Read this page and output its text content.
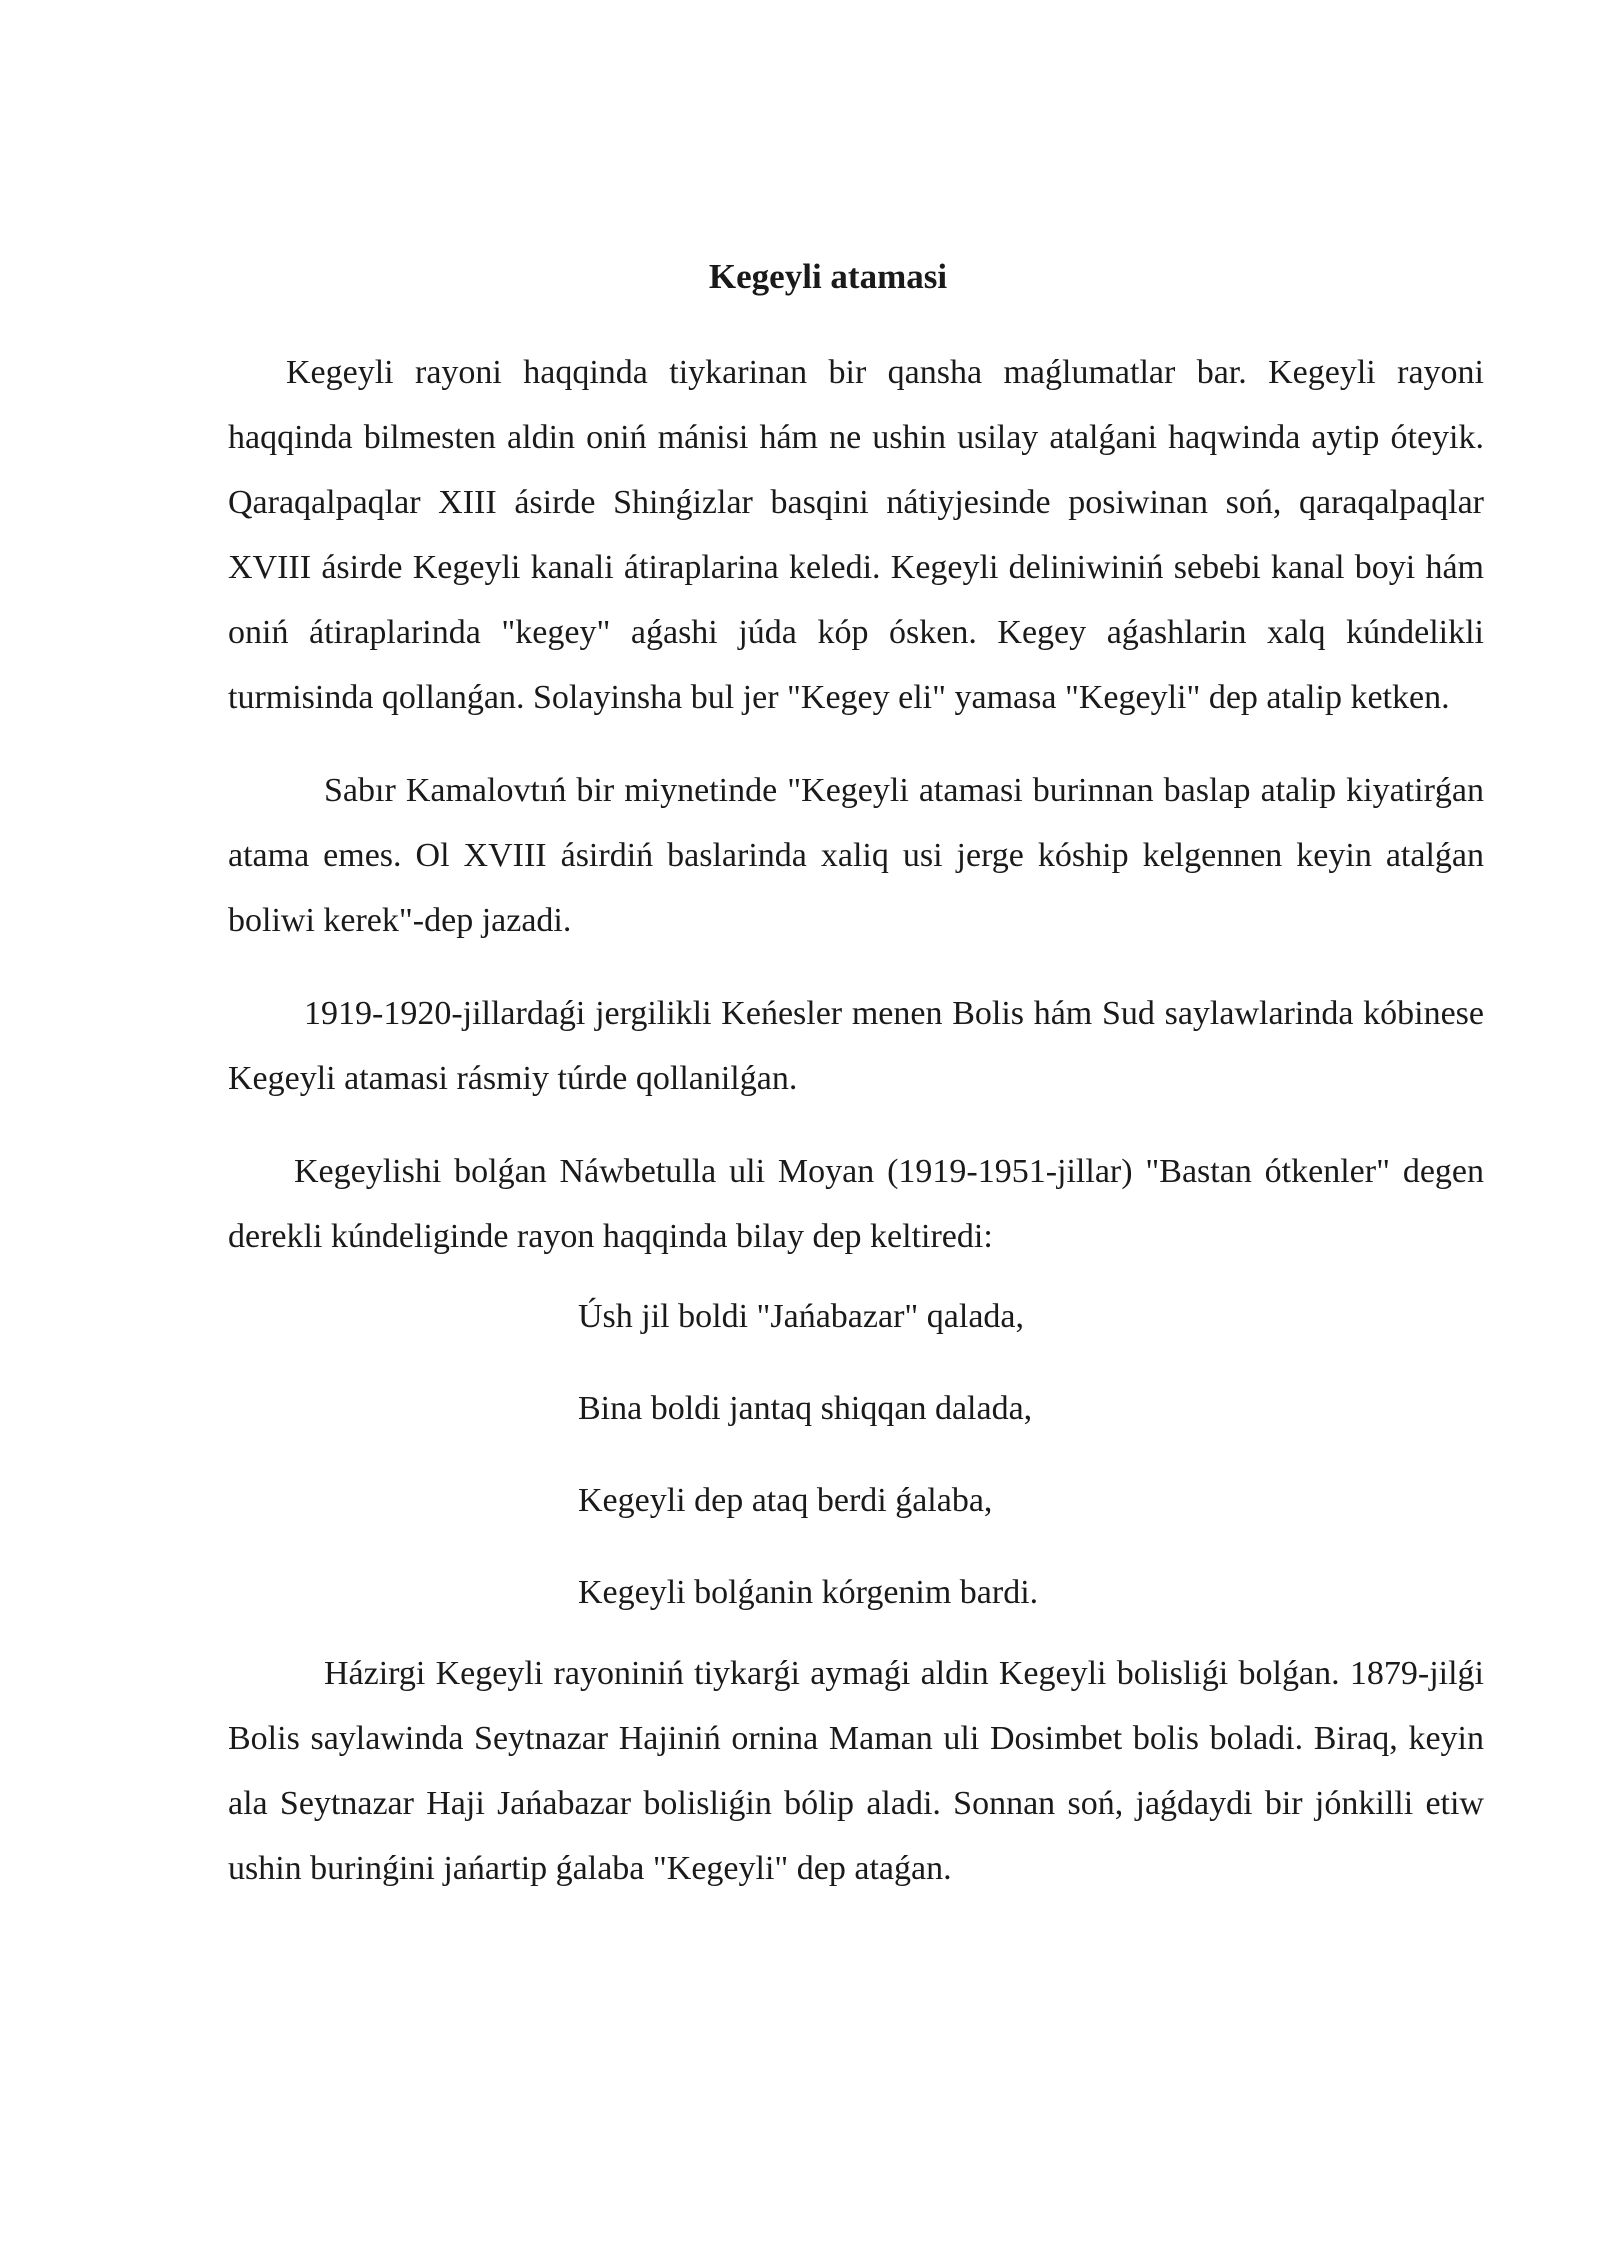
Kegeyli atamasi

Kegeyli rayoni haqqinda tiykarinan bir qansha maǵlumatlar bar. Kegeyli rayoni haqqinda bilmesten aldin oniń mánisi hám ne ushin usilay atalǵani haqwinda aytip óteyik. Qaraqalpaqlar XIII ásirde Shinǵizlar basqini nátiyjesinde posiwinan soń, qaraqalpaqlar XVIII ásirde Kegeyli kanali átiraplarina keledi. Kegeyli deliniwiniń sebebi kanal boyi hám oniń átiraplarinda "kegey" aǵashi júda kóp ósken. Kegey aǵashlarin xalq kúndelikli turmisinda qollanǵan. Solayinsha bul jer "Kegey eli" yamasa "Kegeyli" dep atalip ketken.

Sabır Kamalovtıń bir miynetinde "Kegeyli atamasi burinnan baslap atalip kiyatirǵan atama emes. Ol XVIII ásirdiń baslarinda xaliq usi jerge kóship kelgennen keyin atalǵan boliwi kerek"-dep jazadi.

1919-1920-jillardaǵi jergilikli Keńesler menen Bolis hám Sud saylawlarinda kóbinese Kegeyli atamasi rásmiy túrde qollanilǵan.

Kegeylishi bolǵan Náwbetulla uli Moyan (1919-1951-jillar) "Bastan ótkenler" degen derekli kúndeliginde rayon haqqinda bilay dep keltiredi:

Úsh jil boldi "Jańabazar" qalada,
Bina boldi jantaq shiqqan dalada,
Kegeyli dep ataq berdi ǵalaba,
Kegeyli bolǵanin kórgenim bardi.

Házirgi Kegeyli rayoniniń tiykarǵi aymaǵi aldin Kegeyli bolisliǵi bolǵan. 1879-jilǵi Bolis saylawinda Seytnazar Hajiniń ornina Maman uli Dosimbet bolis boladi. Biraq, keyin ala Seytnazar Haji Jańabazar bolisliǵin bólip aladi. Sonnan soń, jaǵdaydi bir jónkilli etiw ushin burinǵini jańartip ǵalaba "Kegeyli" dep ataǵan.
